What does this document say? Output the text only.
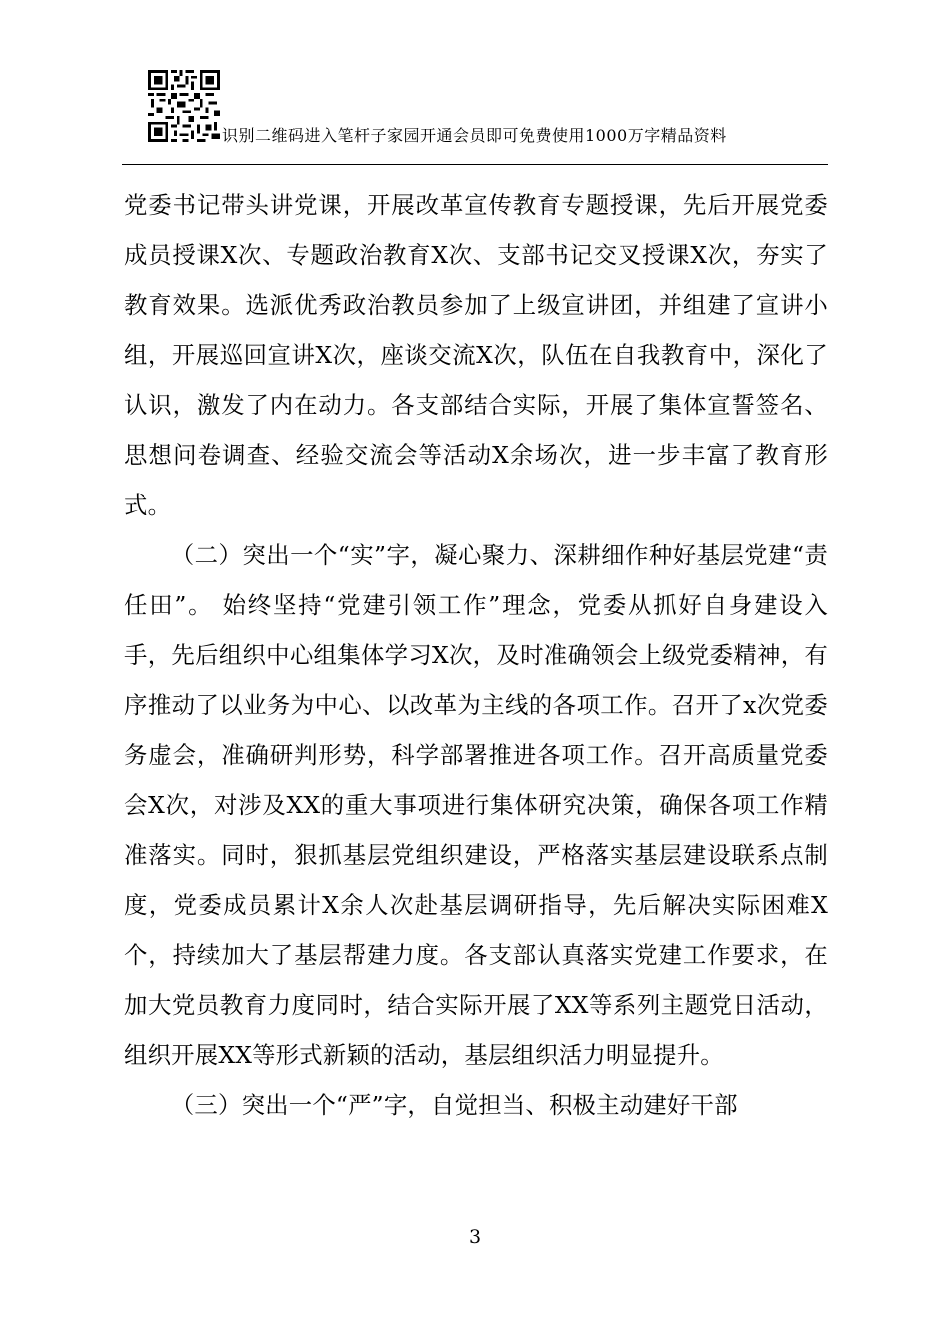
识别二维码进入笔杆子家园开通会员即可免费使用1000万字精品资料

党委书记带头讲党课，开展改革宣传教育专题授课，先后开展党委成员授课X次、专题政治教育X次、支部书记交叉授课X次，夯实了教育效果。选派优秀政治教员参加了上级宣讲团，并组建了宣讲小组，开展巡回宣讲X次，座谈交流X次，队伍在自我教育中，深化了认识，激发了内在动力。各支部结合实际，开展了集体宣誓签名、思想问卷调查、经验交流会等活动X余场次，进一步丰富了教育形式。

（二）突出一个“实”字，凝心聚力、深耕细作种好基层党建“责任田”。 始终坚持“党建引领工作”理念，党委从抓好自身建设入手，先后组织中心组集体学习X次，及时准确领会上级党委精神，有序推动了以业务为中心、以改革为主线的各项工作。召开了x次党委务虚会，准确研判形势，科学部署推进各项工作。召开高质量党委会X次，对涉及XX的重大事项进行集体研究决策，确保各项工作精准落实。同时，狠抓基层党组织建设，严格落实基层建设联系点制度，党委成员累计X余人次赴基层调研指导，先后解决实际困难X个，持续加大了基层帮建力度。各支部认真落实党建工作要求，在加大党员教育力度同时，结合实际开展了XX等系列主题党日活动，组织开展XX等形式新颖的活动，基层组织活力明显提升。

（三）突出一个“严”字，自觉担当、积极主动建好干部

3
